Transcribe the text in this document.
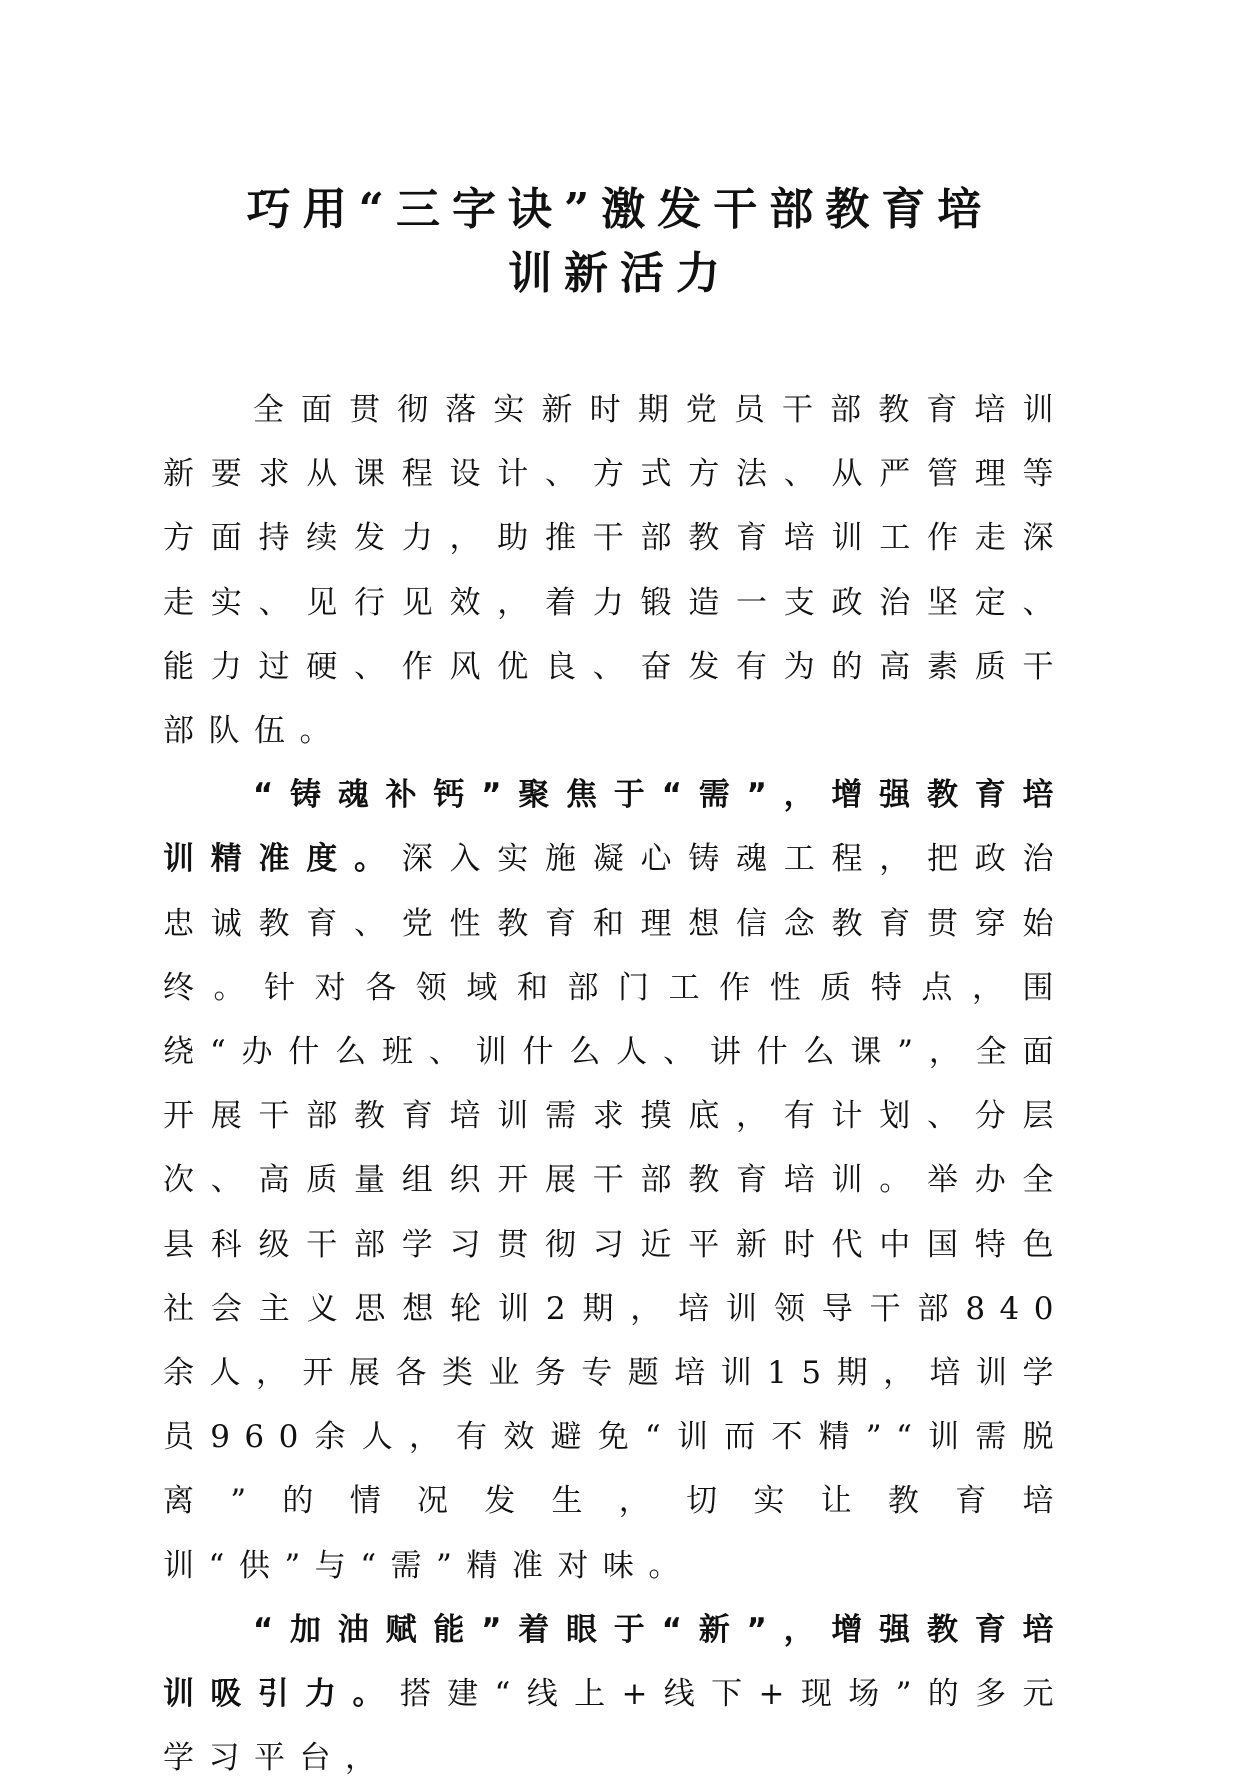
巧用“三字诀”激发干部教育培
训新活力

全面贯彻落实新时期党员干部教育培训新要求从课程设计、方式方法、从严管理等方面持续发力，助推干部教育培训工作走深走实、见行见效，着力锻造一支政治坚定、能力过硬、作风优良、奋发有为的高素质干部队伍。

“铸魂补钙”聚焦于“需”，增强教育培训精准度。深入实施凝心铸魂工程，把政治忠诚教育、党性教育和理想信念教育贯穿始终。针对各领域和部门工作性质特点，围绕“办什么班、训什么人、讲什么课”，全面开展干部教育培训需求摸底，有计划、分层次、高质量组织开展干部教育培训。举办全县科级干部学习贯彻习近平新时代中国特色社会主义思想轮训2期，培训领导干部840余人，开展各类业务专题培训15期，培训学员960余人，有效避免“训而不精”“训需脱离”的情况发生，切实让教育培训“供”与“需”精准对味。

“加油赋能”着眼于“新”，增强教育培训吸引力。搭建“线上+线下+现场”的多元学习平台，
